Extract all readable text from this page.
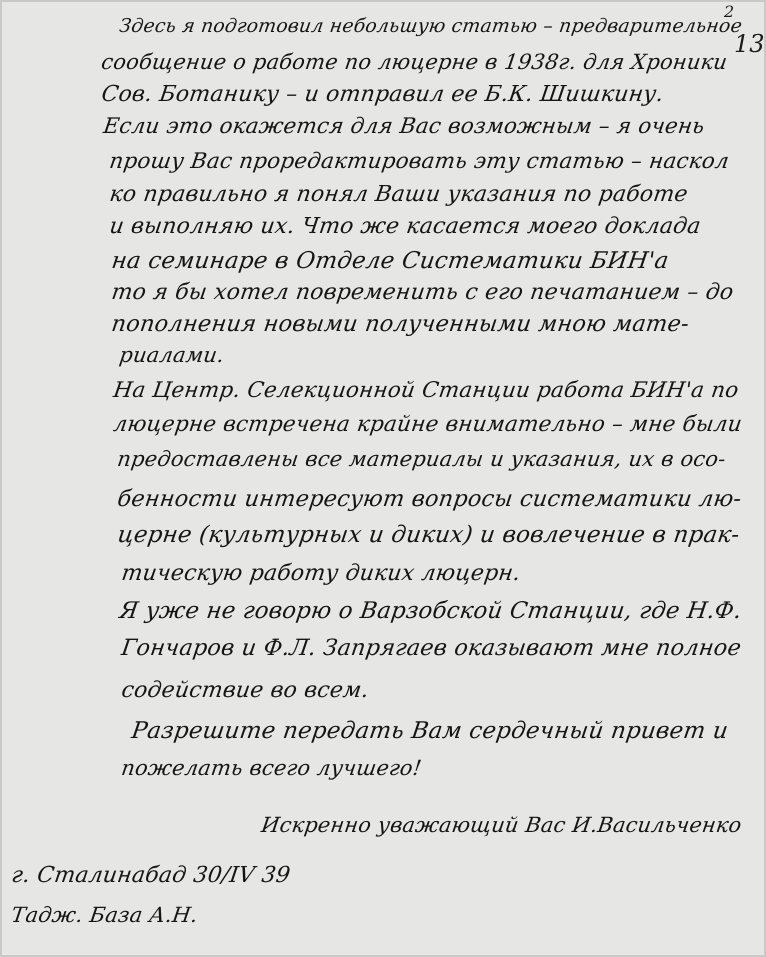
2
13
Здесь я подготовил небольшую статью – предварительное
сообщение о работе по люцерне в 1938г. для Хроники
Сов. Ботанику – и отправил ее Б.К. Шишкину.
Если это окажется для Вас возможным – я очень
прошу Вас проредактировать эту статью – наскол
ко правильно я понял Ваши указания по работе
и выполняю их. Что же касается моего доклада
на семинаре в Отделе Систематики БИН'а
то я бы хотел повременить с его печатанием – до
пополнения новыми полученными мною мате-
риалами.
На Центр. Селекционной Станции работа БИН'а по
люцерне встречена крайне внимательно – мне были
предоставлены все материалы и указания, их в осо-
бенности интересуют вопросы систематики лю-
церне (культурных и диких) и вовлечение в прак-
тическую работу диких люцерн.
Я уже не говорю о Варзобской Станции, где Н.Ф.
Гончаров и Ф.Л. Запрягаев оказывают мне полное
содействие во всем.
Разрешите передать Вам сердечный привет и
пожелать всего лучшего!
Искренно уважающий Вас И.Васильченко
г. Сталинабад 30/IV 39
Тадж. База А.Н.
